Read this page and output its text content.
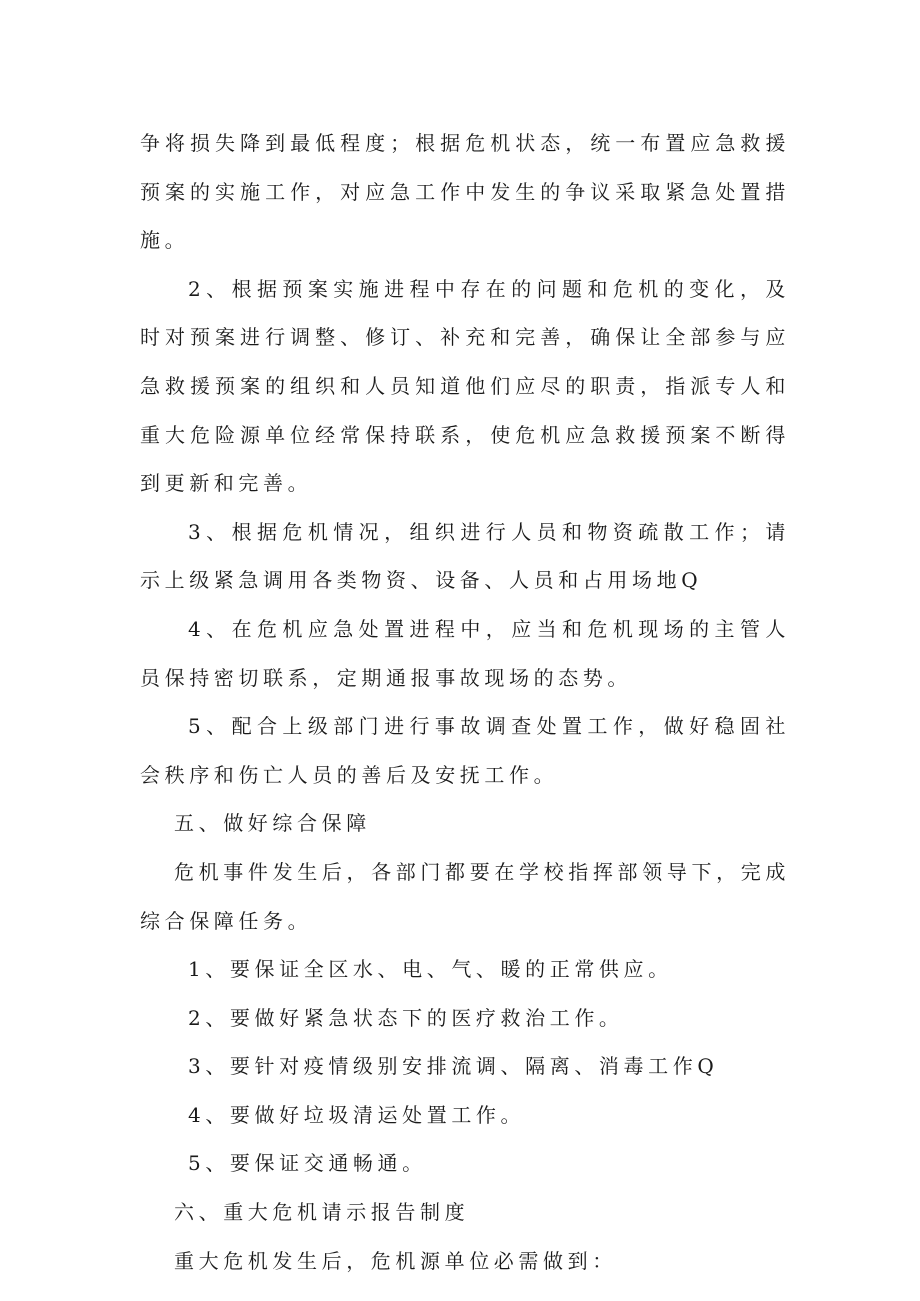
争将损失降到最低程度；根据危机状态，统一布置应急救援预案的实施工作，对应急工作中发生的争议采取紧急处置措施。

2、根据预案实施进程中存在的问题和危机的变化，及时对预案进行调整、修订、补充和完善，确保让全部参与应急救援预案的组织和人员知道他们应尽的职责，指派专人和重大危险源单位经常保持联系，使危机应急救援预案不断得到更新和完善。

3、根据危机情况，组织进行人员和物资疏散工作；请示上级紧急调用各类物资、设备、人员和占用场地Q

4、在危机应急处置进程中，应当和危机现场的主管人员保持密切联系，定期通报事故现场的态势。

5、配合上级部门进行事故调查处置工作，做好稳固社会秩序和伤亡人员的善后及安抚工作。

五、做好综合保障

危机事件发生后，各部门都要在学校指挥部领导下，完成综合保障任务。

1、要保证全区水、电、气、暖的正常供应。

2、要做好紧急状态下的医疗救治工作。

3、要针对疫情级别安排流调、隔离、消毒工作Q

4、要做好垃圾清运处置工作。

5、要保证交通畅通。

六、重大危机请示报告制度

重大危机发生后，危机源单位必需做到：
